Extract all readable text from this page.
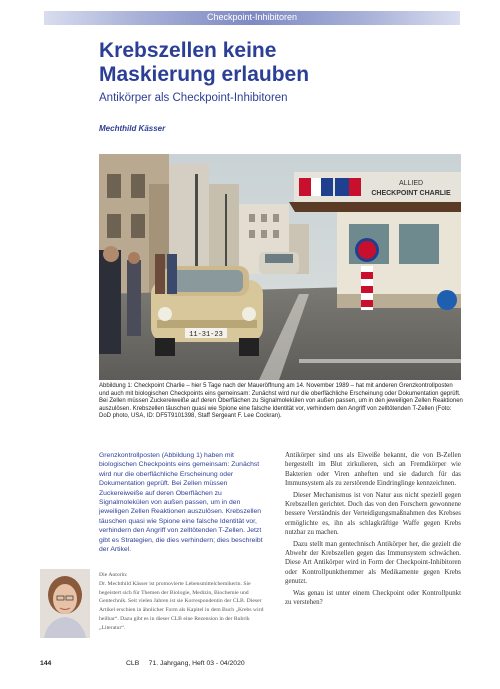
Checkpoint-Inhibitoren
Krebszellen keine
Maskierung erlauben
Antikörper als Checkpoint-Inhibitoren
Mechthild Kässer
ALLIED
CHECKPOINT CHARLIE
11-31-23
Abbildung 1: Checkpoint Charlie – hier 5 Tage nach der Maueröffnung am 14. November 1989 – hat mit anderen Grenzkontrollposten und auch mit biologischen Checkpoints eins gemeinsam: Zunächst wird nur die oberflächliche Erscheinung oder Dokumentation geprüft. Bei Zellen müssen Zuckereiweiße auf deren Oberflächen zu Signalmolekülen von außen passen, um in den jeweiligen Zellen Reaktionen auszulösen. Krebszellen täuschen quasi wie Spione eine falsche Identität vor, verhindern den Angriff von zelltötenden T-Zellen (Foto: DoD photo, USA, ID: DF5T9101398, Staff Sergeant F. Lee Cockran).
Grenzkontrollposten (Abbildung 1) haben mit biologischen Checkpoints eins gemeinsam: Zunächst wird nur die oberflächliche Erscheinung oder Dokumentation geprüft. Bei Zellen müssen Zuckereiweiße auf deren Oberflächen zu Signalmolekülen von außen passen, um in den jeweiligen Zellen Reaktionen auszulösen. Krebszellen täuschen quasi wie Spione eine falsche Identität vor, verhindern den Angriff von zelltötenden T-Zellen. Jetzt gibt es Strategien, die dies verhindern; dies beschreibt der Artikel.

Antikörper sind uns als Eiweiße bekannt, die von B-Zellen hergestellt im Blut zirkulieren, sich an Fremdkörper wie Bakterien oder Viren anheften und sie dadurch für das Immunsystem als zu zerstörende Eindringlinge kennzeichnen.

Dieser Mechanismus ist von Natur aus nicht speziell gegen Krebszellen gerichtet. Doch das von den Forschern gewonnene bessere Verständnis der Verteidigungsmaßnahmen des Krebses ermöglichte es, ihn als schlagkräftige Waffe gegen Krebs nutzbar zu machen.

Dazu stellt man gentechnisch Antikörper her, die gezielt die Abwehr der Krebszellen gegen das Immunsystem schwächen. Diese Art Antikörper wird in Form der Checkpoint-Inhibitoren oder Kontrollpunkthemmer als Medikamente gegen Krebs genutzt.

Was genau ist unter einem Checkpoint oder Kontrollpunkt zu verstehen?

Die Autorin:
Dr. Mechthild Kässer ist promovierte Lebensmittelchemikerin. Sie begeistert sich für Themen der Biologie, Medizin, Biochemie und Gentechnik. Seit vielen Jahren ist sie Korrespondentin der CLB. Dieser Artikel erschien in ähnlicher Form als Kapitel in dem Buch „Krebs wird heilbar“. Dazu gibt es in dieser CLB eine Rezension in der Rubrik „Literatur“.
144	CLB     71. Jahrgang, Heft 03 - 04/2020
